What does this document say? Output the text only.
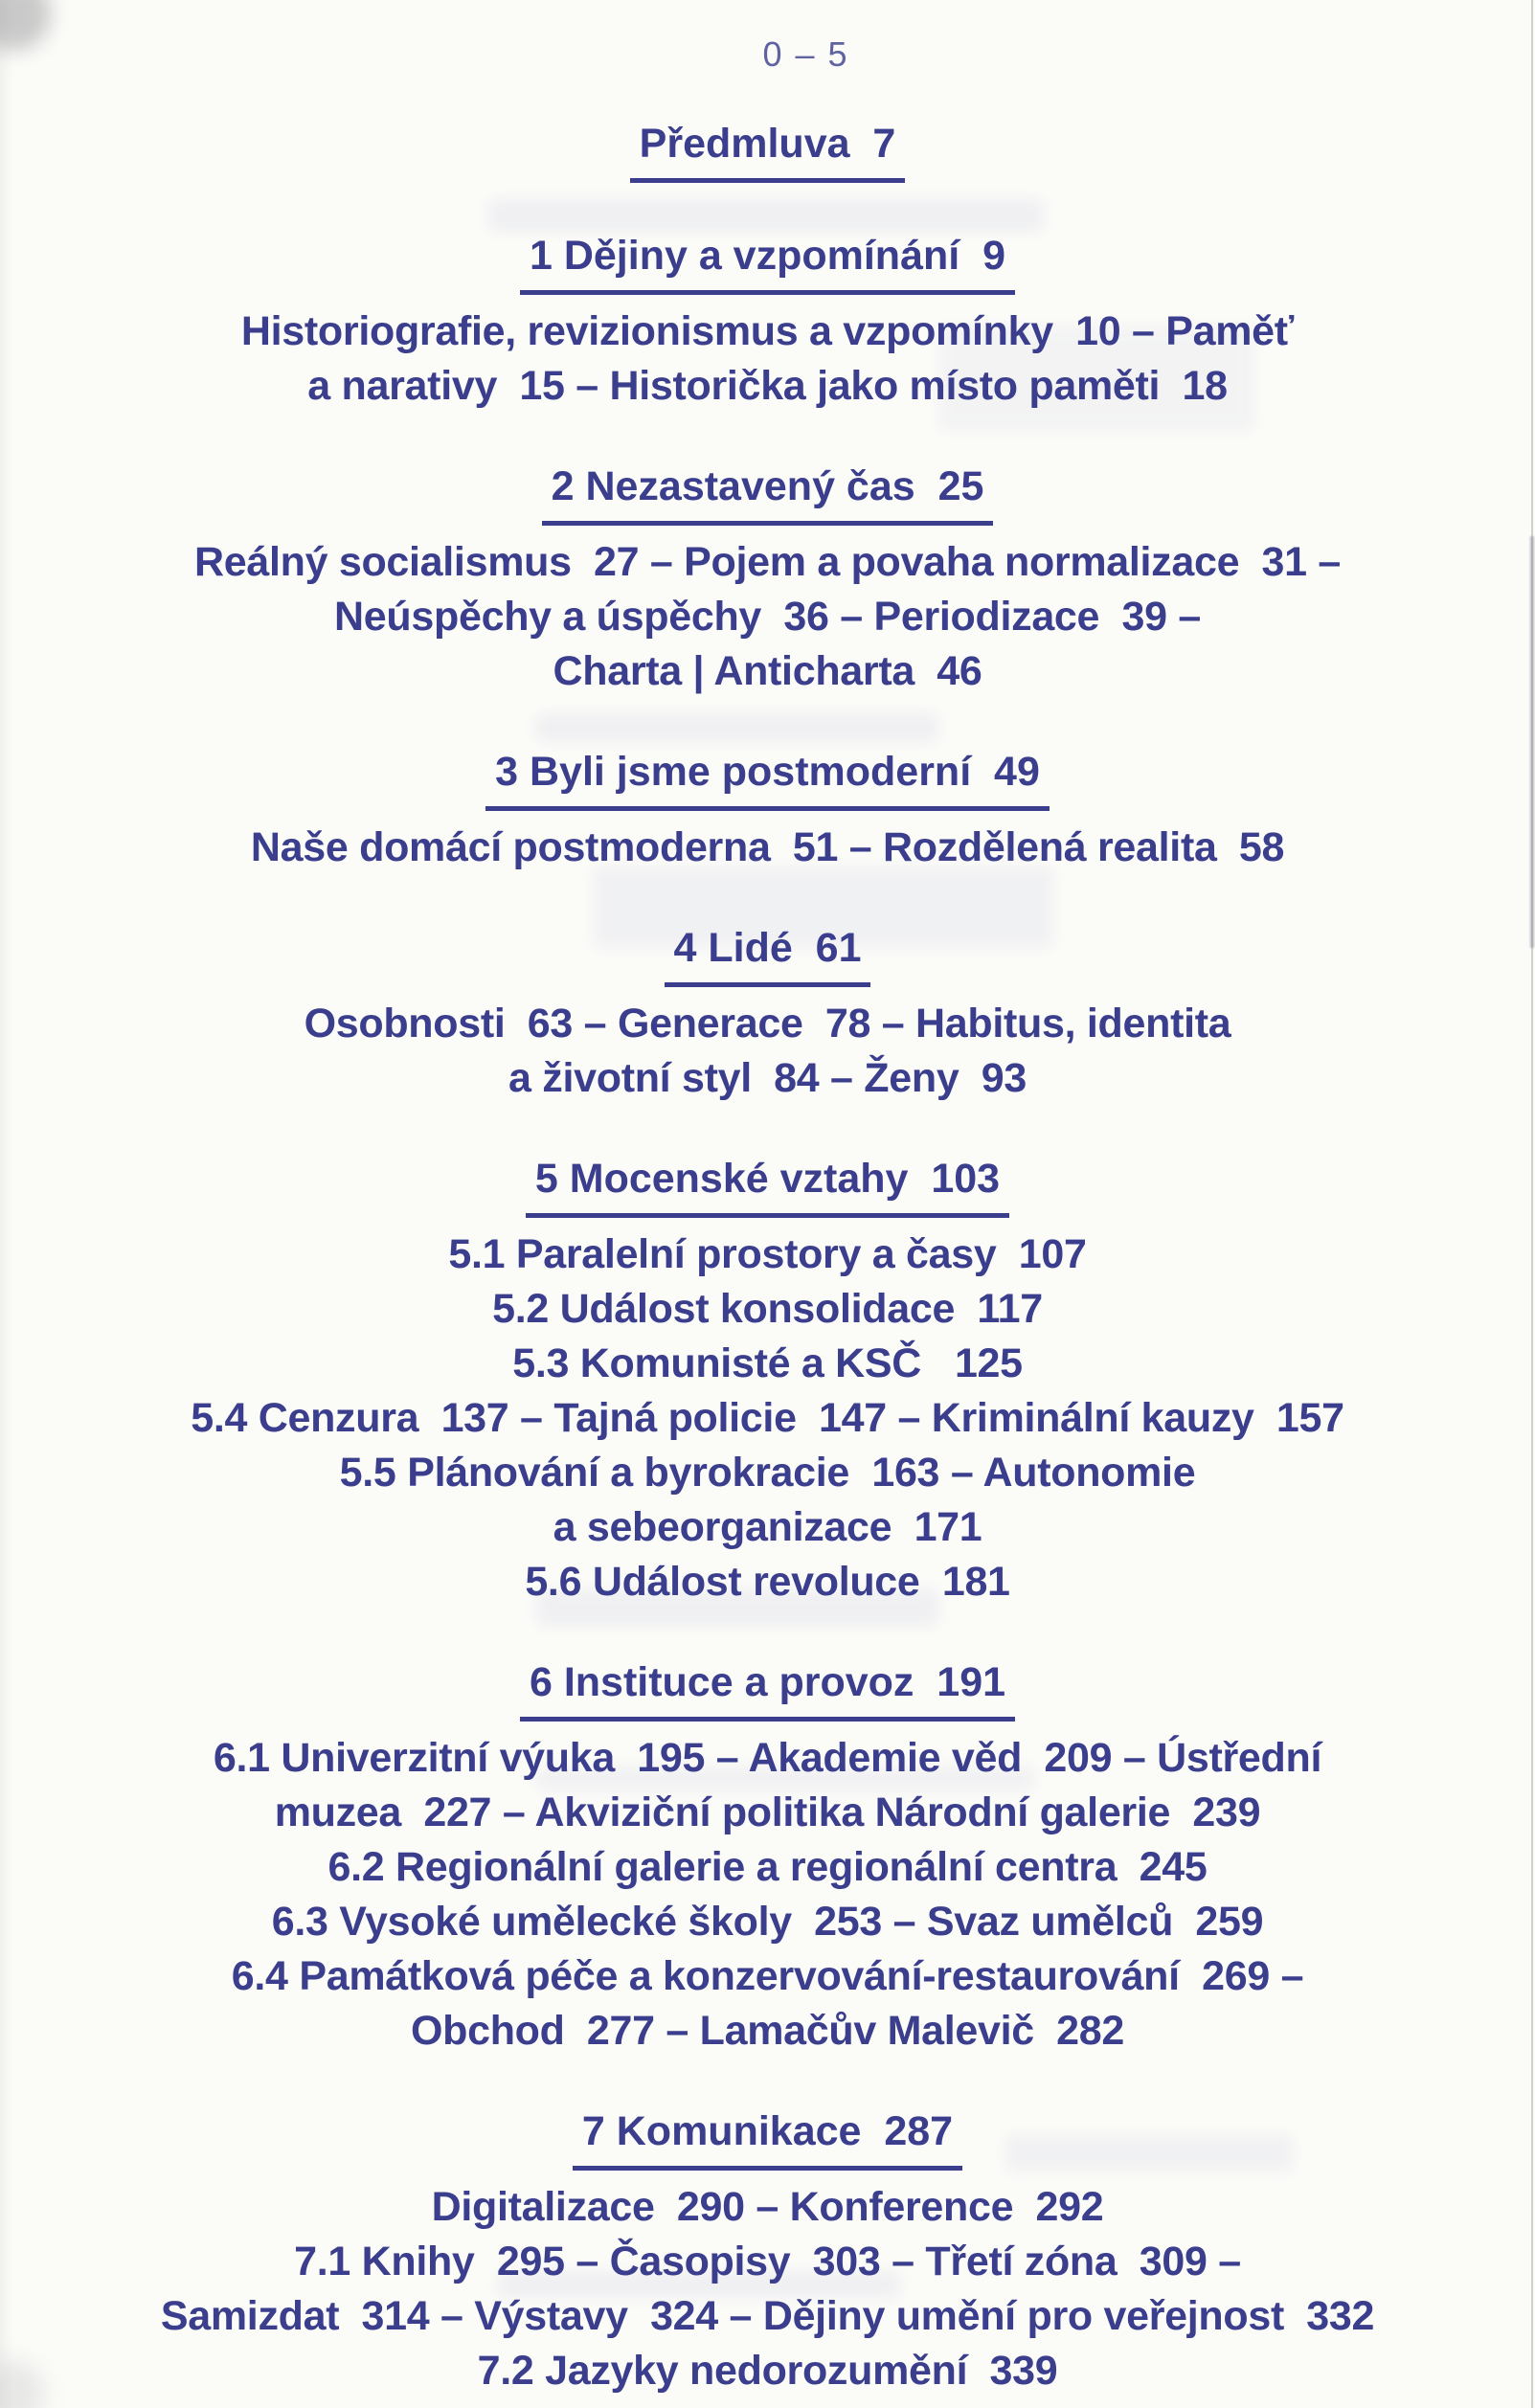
0 – 5
Předmluva  7
1 Dějiny a vzpomínání  9

Historiografie, revizionismus a vzpomínky  10 – Paměť

a narativy  15 – Historička jako místo paměti  18

2 Nezastavený čas  25

Reálný socialismus  27 – Pojem a povaha normalizace  31 –

Neúspěchy a úspěchy  36 – Periodizace  39 –

Charta | Anticharta  46

3 Byli jsme postmoderní  49

Naše domácí postmoderna  51 – Rozdělená realita  58

4 Lidé  61

Osobnosti  63 – Generace  78 – Habitus, identita

a životní styl  84 – Ženy  93

5 Mocenské vztahy  103

5.1 Paralelní prostory a časy  107

5.2 Událost konsolidace  117

5.3 Komunisté a KSČ   125

5.4 Cenzura  137 – Tajná policie  147 – Kriminální kauzy  157

5.5 Plánování a byrokracie  163 – Autonomie

a sebeorganizace  171

5.6 Událost revoluce  181

6 Instituce a provoz  191

6.1 Univerzitní výuka  195 – Akademie věd  209 – Ústřední

muzea  227 – Akviziční politika Národní galerie  239

6.2 Regionální galerie a regionální centra  245

6.3 Vysoké umělecké školy  253 – Svaz umělců  259

6.4 Památková péče a konzervování-restaurování  269 –

Obchod  277 – Lamačův Malevič  282

7 Komunikace  287

Digitalizace  290 – Konference  292

7.1 Knihy  295 – Časopisy  303 – Třetí zóna  309 –

Samizdat  314 – Výstavy  324 – Dějiny umění pro veřejnost  332

7.2 Jazyky nedorozumění  339
